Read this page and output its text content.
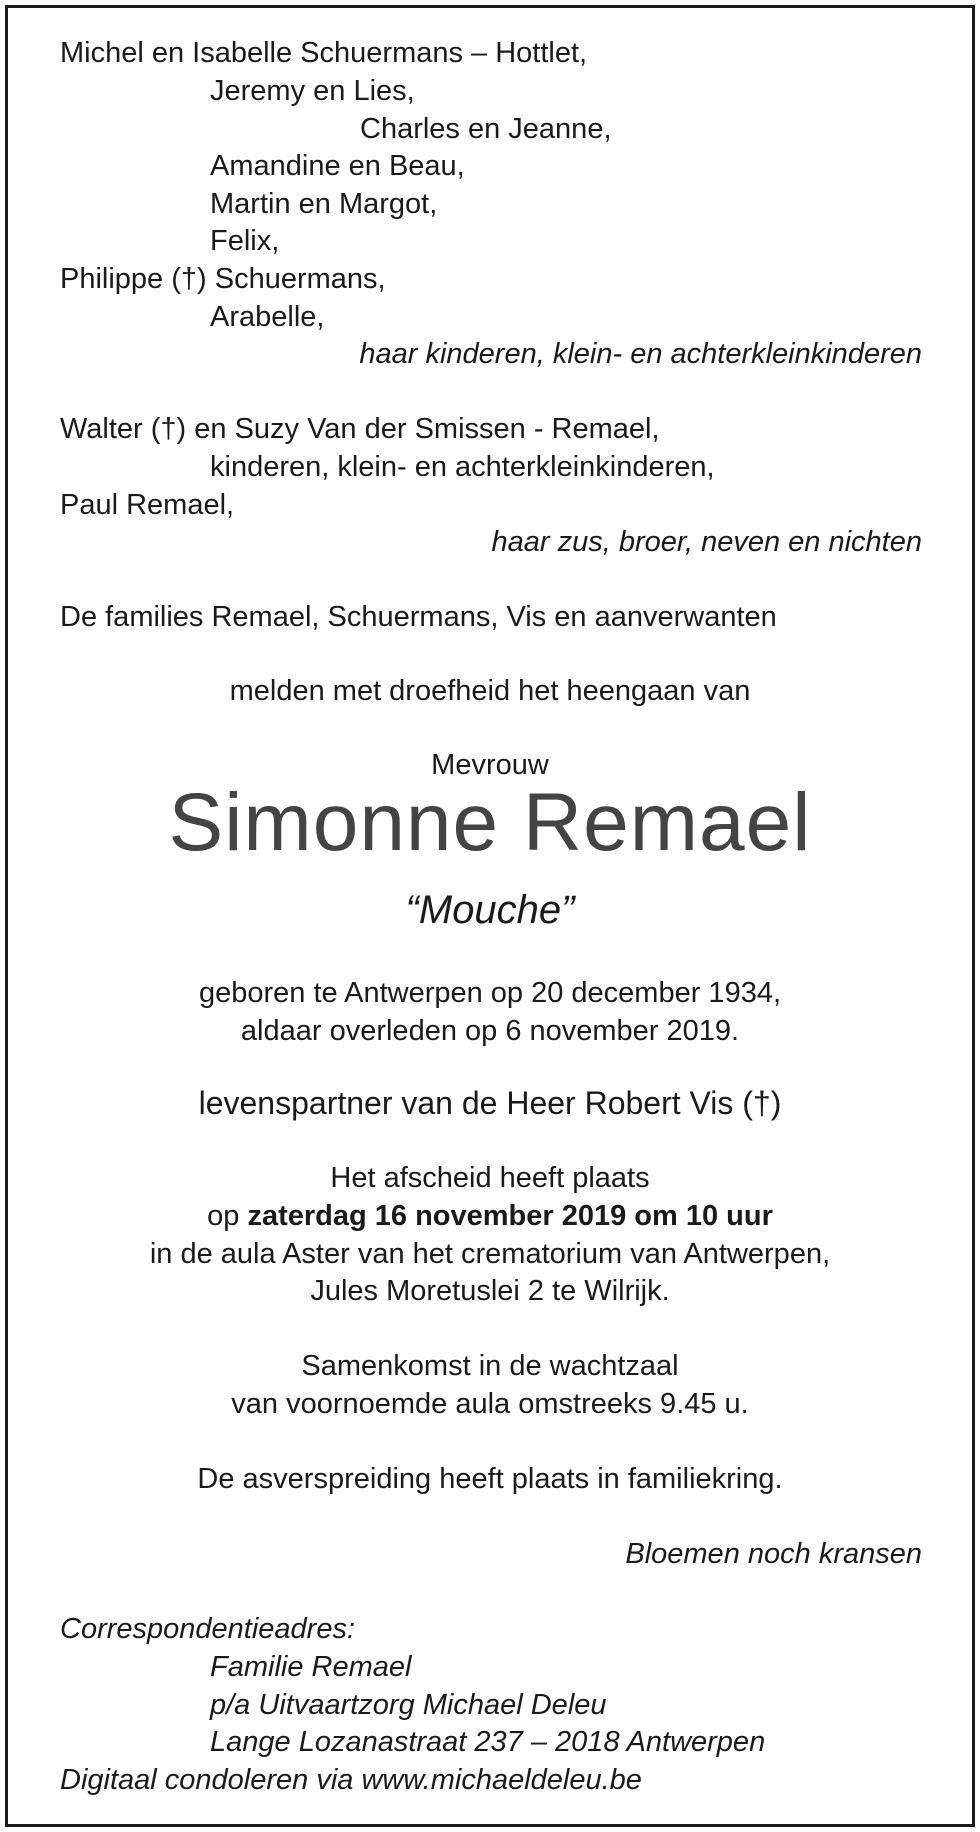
Michel en Isabelle Schuermans – Hottlet,

Jeremy en Lies,

Charles en Jeanne,

Amandine en Beau,

Martin en Margot,

Felix,

Philippe (†) Schuermans,

Arabelle,

haar kinderen, klein- en achterkleinkinderen

Walter (†) en Suzy Van der Smissen - Remael,

kinderen, klein- en achterkleinkinderen,

Paul Remael,

haar zus, broer, neven en nichten

De families Remael, Schuermans, Vis en aanverwanten

melden met droefheid het heengaan van

Mevrouw

Simonne Remael

“Mouche”

geboren te Antwerpen op 20 december 1934,

aldaar overleden op 6 november 2019.

levenspartner van de Heer Robert Vis (†)

Het afscheid heeft plaats

op zaterdag 16 november 2019 om 10 uur

in de aula Aster van het crematorium van Antwerpen,

Jules Moretuslei 2 te Wilrijk.

Samenkomst in de wachtzaal

van voornoemde aula omstreeks 9.45 u.

De asverspreiding heeft plaats in familiekring.

Bloemen noch kransen

Correspondentieadres:

Familie Remael

p/a Uitvaartzorg Michael Deleu

Lange Lozanastraat 237 – 2018 Antwerpen

Digitaal condoleren via www.michaeldeleu.be
